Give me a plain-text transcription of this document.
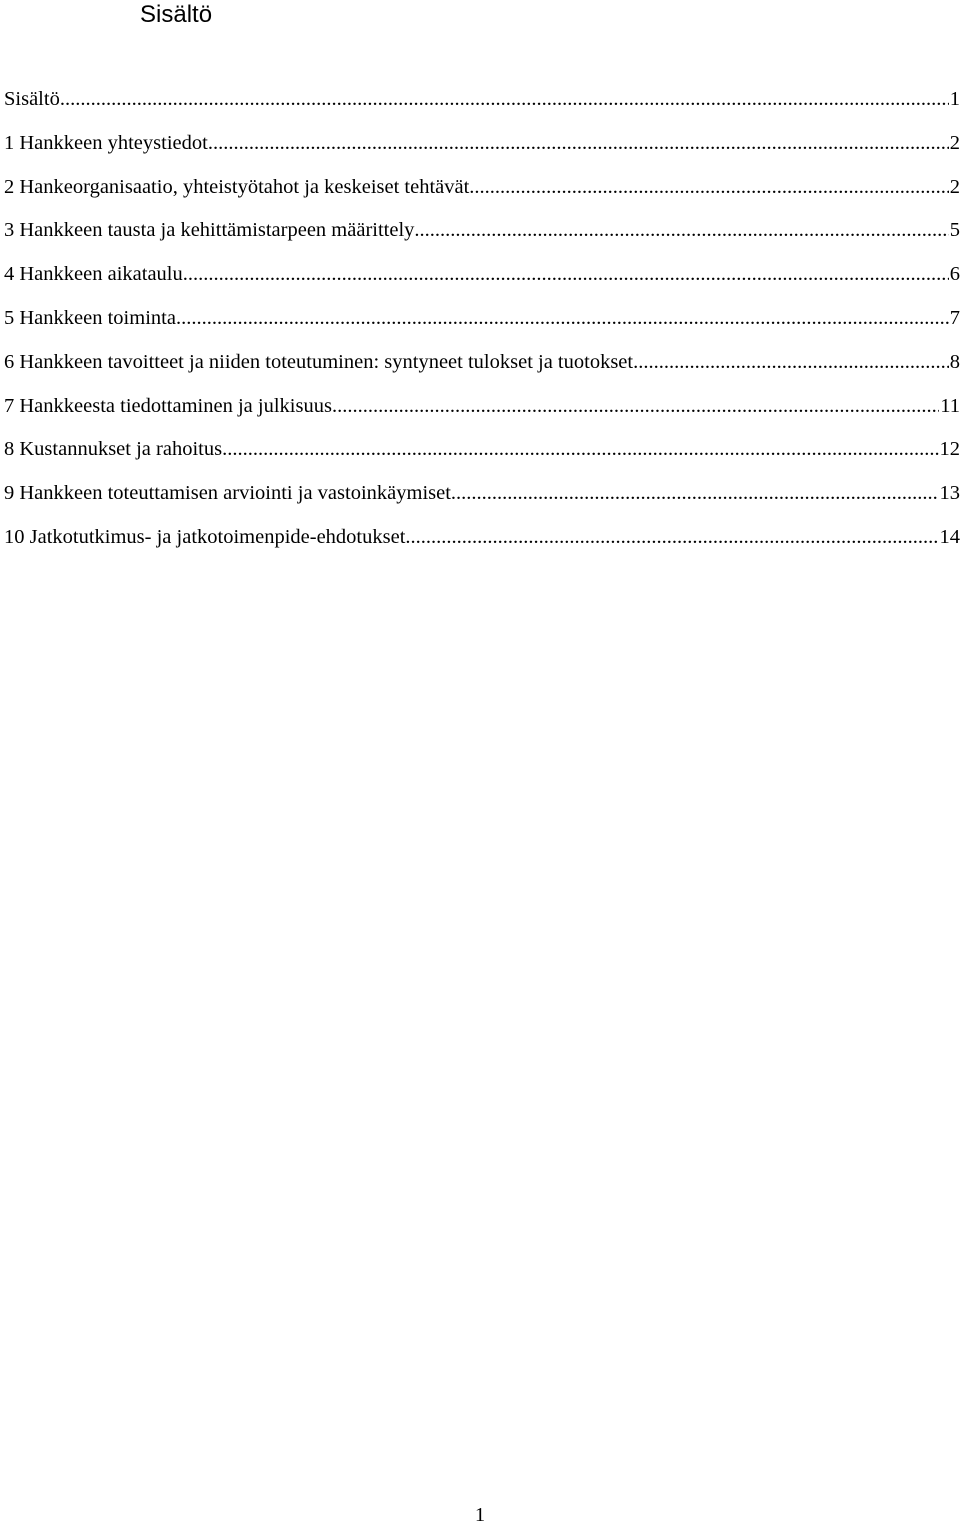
Sisältö
Sisältö .....	1
1 Hankkeen yhteystiedot .....	2
2 Hankeorganisaatio, yhteistyötahot ja keskeiset tehtävät .....	2
3 Hankkeen tausta ja kehittämistarpeen määrittely .....	5
4 Hankkeen aikataulu .....	6
5 Hankkeen toiminta .....	7
6 Hankkeen tavoitteet ja niiden toteutuminen: syntyneet tulokset ja tuotokset .....	8
7 Hankkeesta tiedottaminen ja julkisuus .....	11
8 Kustannukset ja rahoitus .....	12
9 Hankkeen toteuttamisen arviointi ja vastoinkäymiset .....	13
10 Jatkotutkimus- ja jatkotoimenpide-ehdotukset .....	14
1
